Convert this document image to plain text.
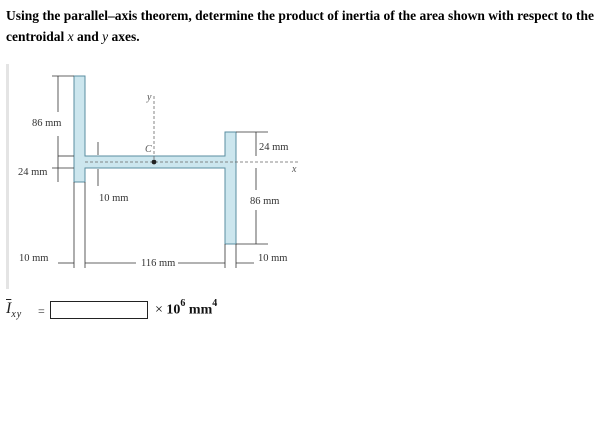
Using the parallel–axis theorem, determine the product of inertia of the area shown with respect to the centroidal x and y axes.

y
x
C
86 mm
24 mm
10 mm
10 mm	116 mm	10 mm
24 mm
86 mm
$\overline{I}_{xy}$ =	× $10^6$ $mm^4$
